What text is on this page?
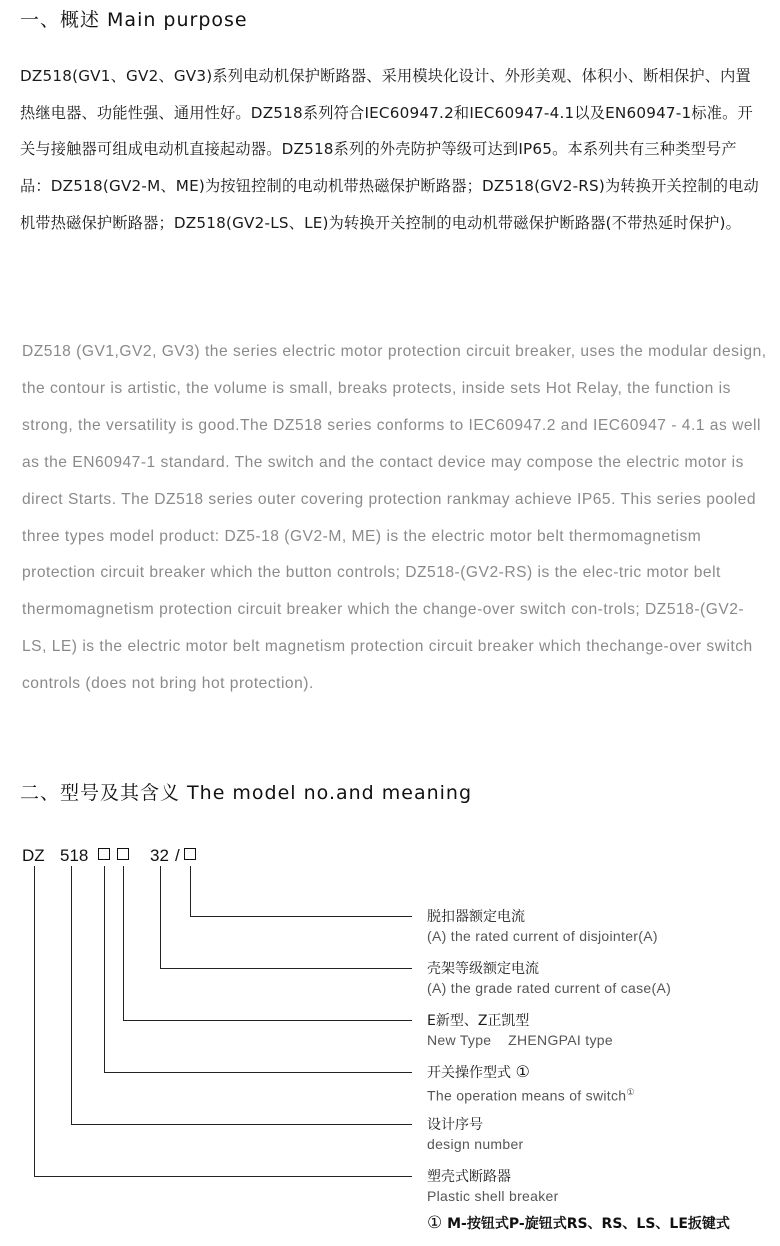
一、概述 Main purpose

DZ518(GV1、GV2、GV3)系列电动机保护断路器、采用模块化设计、外形美观、体积小、断相保护、内置热继电器、功能性强、通用性好。DZ518系列符合IEC60947.2和IEC60947-4.1以及EN60947-1标准。开关与接触器可组成电动机直接起动器。DZ518系列的外壳防护等级可达到IP65。本系列共有三种类型号产品：DZ518(GV2-M、ME)为按钮控制的电动机带热磁保护断路器；DZ518(GV2-RS)为转换开关控制的电动机带热磁保护断路器；DZ518(GV2-LS、LE)为转换开关控制的电动机带磁保护断路器(不带热延时保护)。

DZ518 (GV1,GV2, GV3) the series electric motor protection circuit breaker, uses the modular design, the contour is artistic, the volume is small, breaks protects, inside sets Hot Relay, the function is strong, the versatility is good.The DZ518 series conforms to IEC60947.2 and IEC60947 - 4.1 as well as the EN60947-1 standard. The switch and the contact device may compose the electric motor is direct Starts. The DZ518 series outer covering protection rankmay achieve IP65. This series pooled three types model product: DZ5-18 (GV2-M, ME) is the electric motor belt thermomagnetism protection circuit breaker which the button controls; DZ518-(GV2-RS) is the elec-tric motor belt thermomagnetism protection circuit breaker which the change-over switch con-trols; DZ518-(GV2-LS, LE) is the electric motor belt magnetism protection circuit breaker which thechange-over switch controls (does not bring hot protection).

二、型号及其含义 The model no.and meaning
DZ 518	32 /
脱扣器额定电流
(A) the rated current of disjointer(A)
壳架等级额定电流
(A) the grade rated current of case(A)
E新型、Z正凯型
New Type    ZHENGPAI type
开关操作型式 ①
The operation means of switch①
设计序号
design number
塑壳式断路器
Plastic shell breaker
① M-按钮式P-旋钮式RS、RS、LS、LE扳键式
